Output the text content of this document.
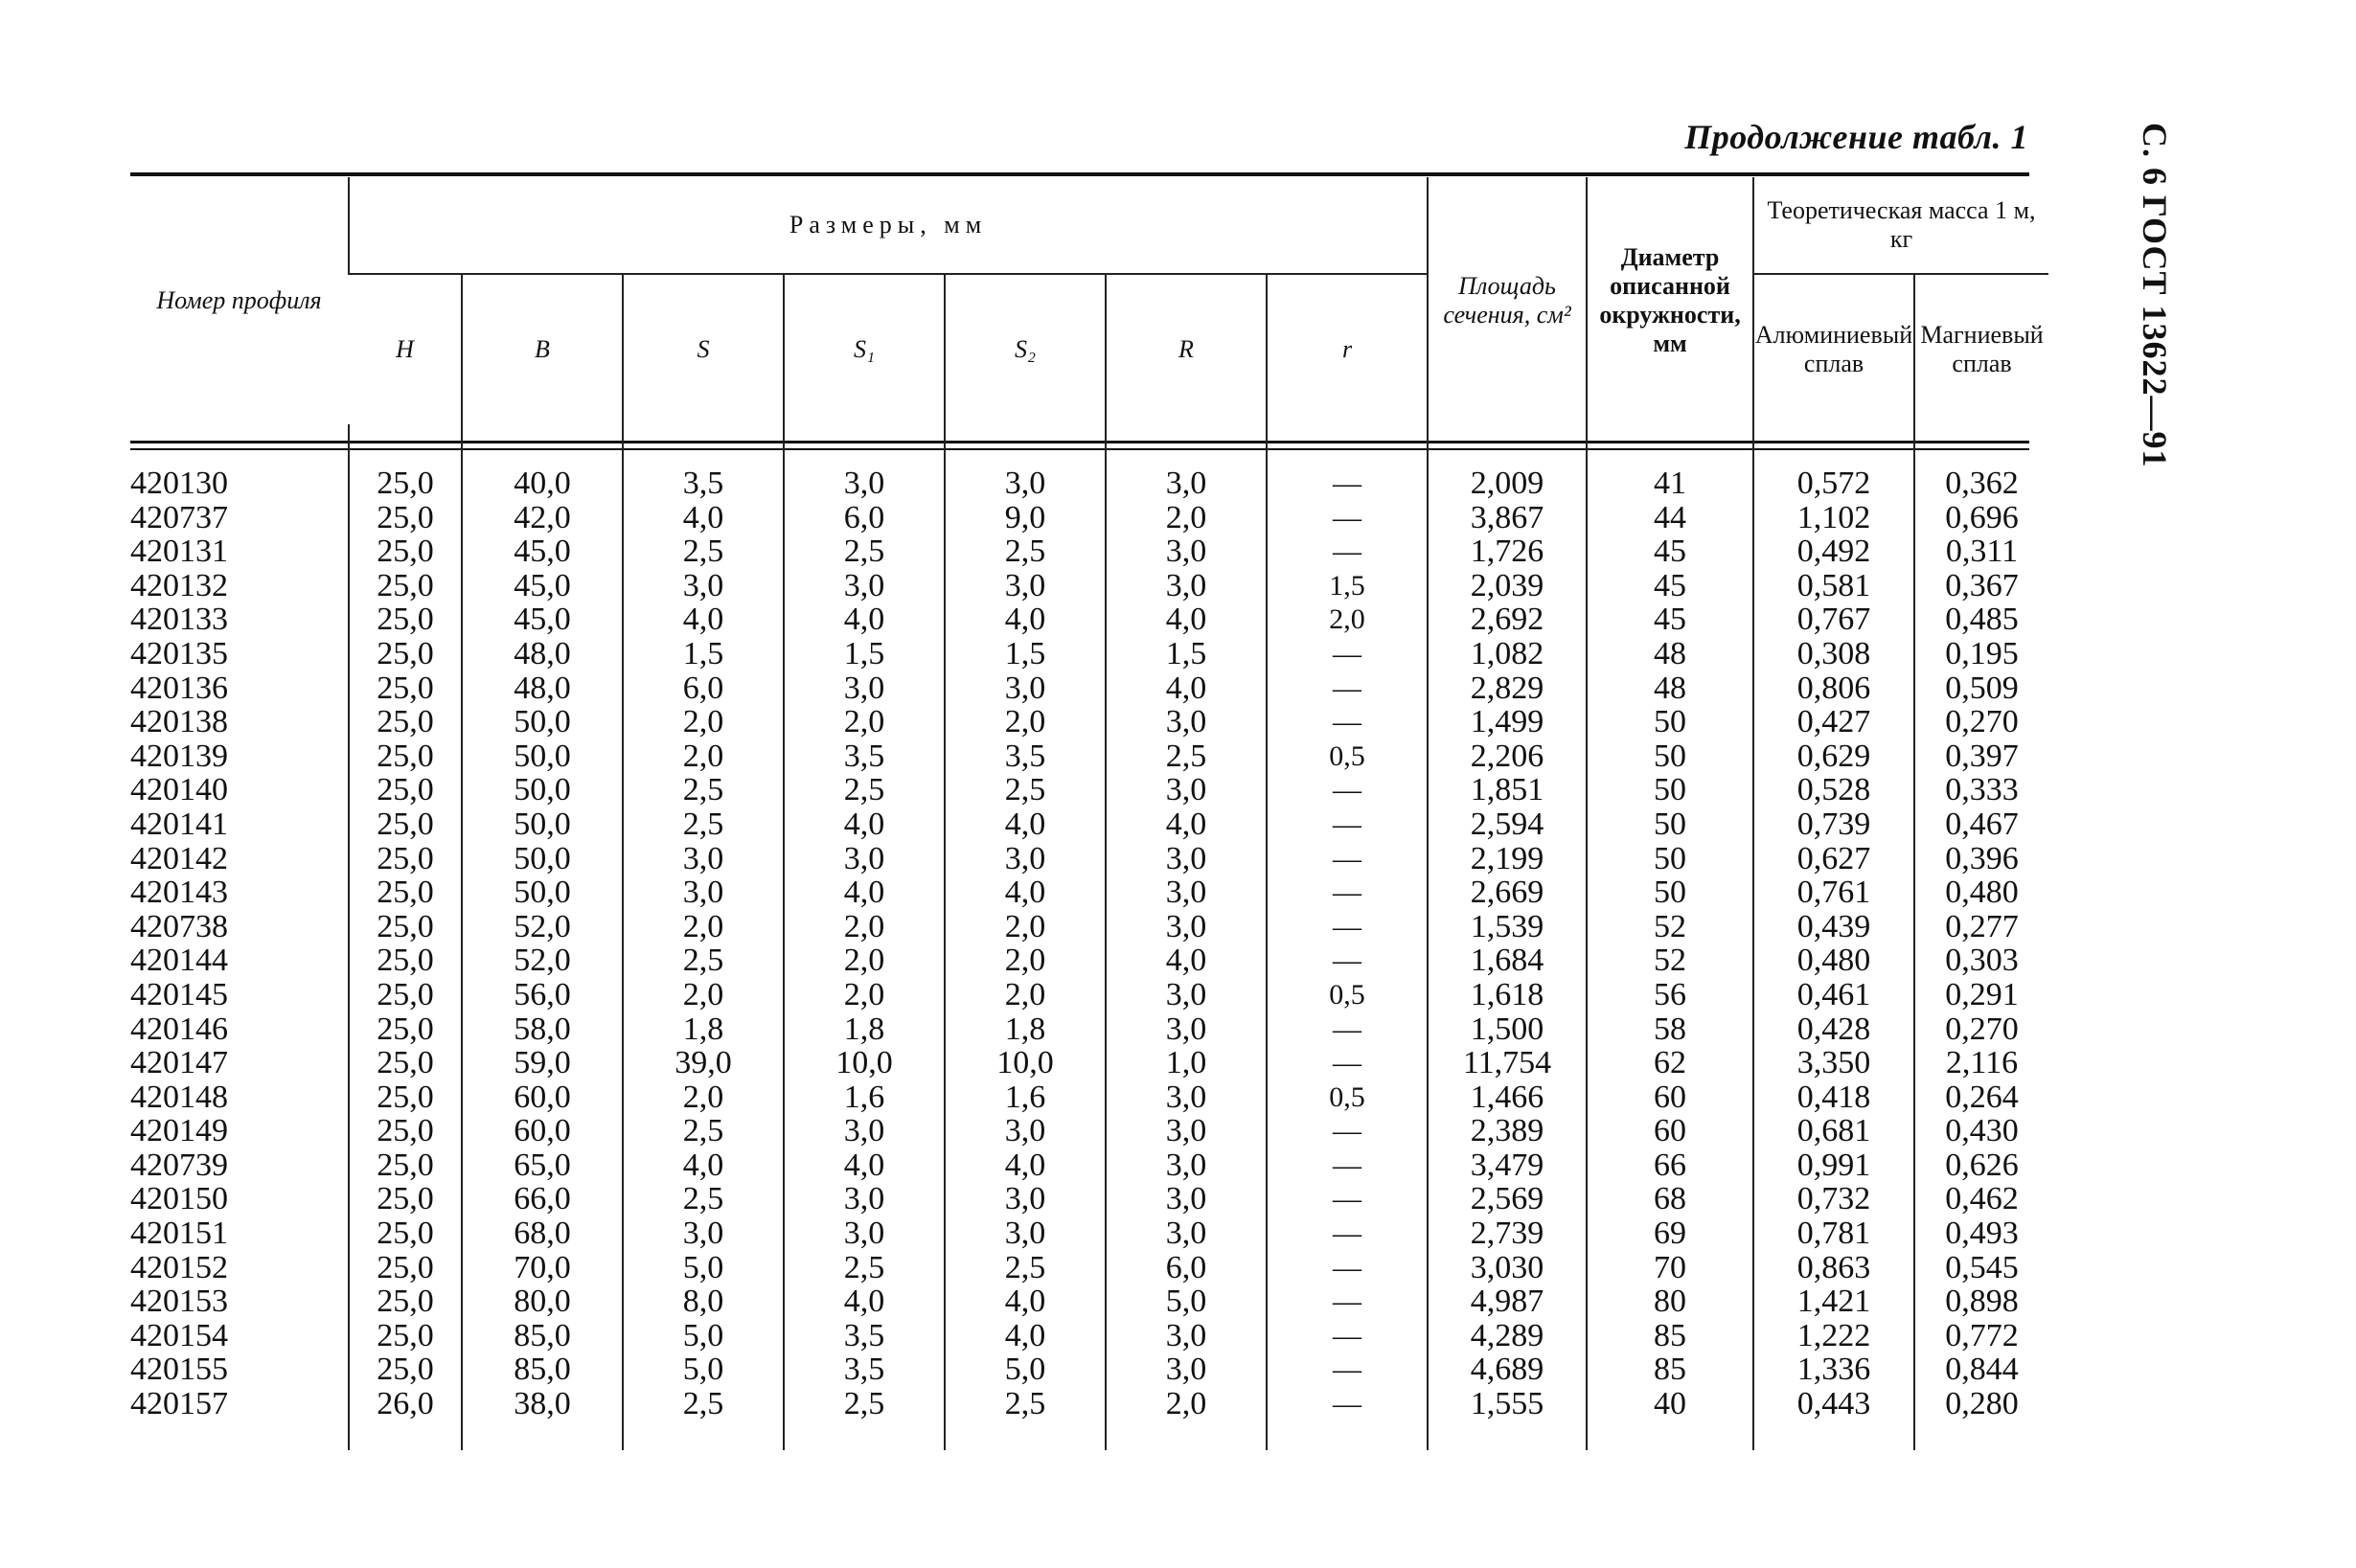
Продолжение табл. 1	С. 6 ГОСТ 13622—91
Номер профиля	Размеры, мм							Площадь сечения, см²	Диаметр описанной окружности, мм	Теоретическая масса 1 м, кг	
	H	B	S	S₁	S₂	R	r			Алюминиевый сплав	Магниевый сплав

420130	25,0	40,0	3,5	3,0	3,0	3,0	—	2,009	41	0,572	0,362
420737	25,0	42,0	4,0	6,0	9,0	2,0	—	3,867	44	1,102	0,696
420131	25,0	45,0	2,5	2,5	2,5	3,0	—	1,726	45	0,492	0,311
420132	25,0	45,0	3,0	3,0	3,0	3,0	1,5	2,039	45	0,581	0,367
420133	25,0	45,0	4,0	4,0	4,0	4,0	2,0	2,692	45	0,767	0,485
420135	25,0	48,0	1,5	1,5	1,5	1,5	—	1,082	48	0,308	0,195
420136	25,0	48,0	6,0	3,0	3,0	4,0	—	2,829	48	0,806	0,509
420138	25,0	50,0	2,0	2,0	2,0	3,0	—	1,499	50	0,427	0,270
420139	25,0	50,0	2,0	3,5	3,5	2,5	0,5	2,206	50	0,629	0,397
420140	25,0	50,0	2,5	2,5	2,5	3,0	—	1,851	50	0,528	0,333
420141	25,0	50,0	2,5	4,0	4,0	4,0	—	2,594	50	0,739	0,467
420142	25,0	50,0	3,0	3,0	3,0	3,0	—	2,199	50	0,627	0,396
420143	25,0	50,0	3,0	4,0	4,0	3,0	—	2,669	50	0,761	0,480
420738	25,0	52,0	2,0	2,0	2,0	3,0	—	1,539	52	0,439	0,277
420144	25,0	52,0	2,5	2,0	2,0	4,0	—	1,684	52	0,480	0,303
420145	25,0	56,0	2,0	2,0	2,0	3,0	0,5	1,618	56	0,461	0,291
420146	25,0	58,0	1,8	1,8	1,8	3,0	—	1,500	58	0,428	0,270
420147	25,0	59,0	39,0	10,0	10,0	1,0	—	11,754	62	3,350	2,116
420148	25,0	60,0	2,0	1,6	1,6	3,0	0,5	1,466	60	0,418	0,264
420149	25,0	60,0	2,5	3,0	3,0	3,0	—	2,389	60	0,681	0,430
420739	25,0	65,0	4,0	4,0	4,0	3,0	—	3,479	66	0,991	0,626
420150	25,0	66,0	2,5	3,0	3,0	3,0	—	2,569	68	0,732	0,462
420151	25,0	68,0	3,0	3,0	3,0	3,0	—	2,739	69	0,781	0,493
420152	25,0	70,0	5,0	2,5	2,5	6,0	—	3,030	70	0,863	0,545
420153	25,0	80,0	8,0	4,0	4,0	5,0	—	4,987	80	1,421	0,898
420154	25,0	85,0	5,0	3,5	4,0	3,0	—	4,289	85	1,222	0,772
420155	25,0	85,0	5,0	3,5	5,0	3,0	—	4,689	85	1,336	0,844
420157	26,0	38,0	2,5	2,5	2,5	2,0	—	1,555	40	0,443	0,280
